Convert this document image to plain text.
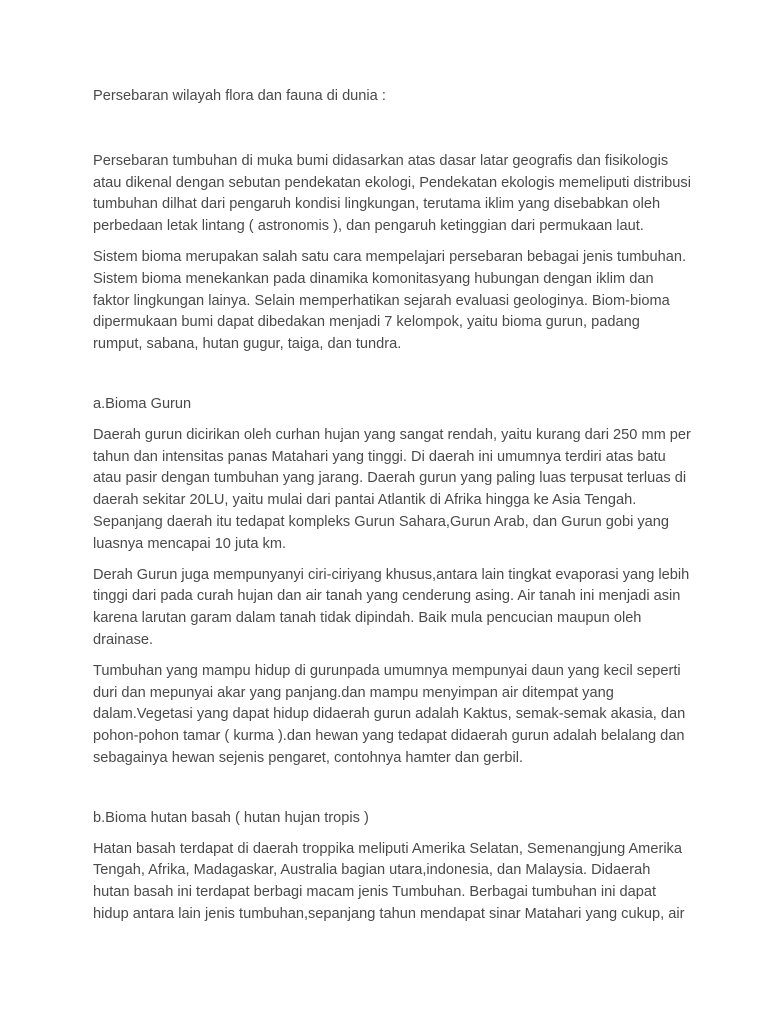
Persebaran wilayah flora dan fauna di dunia :

Persebaran tumbuhan di muka bumi didasarkan atas dasar latar geografis dan fisikologis
atau dikenal dengan sebutan pendekatan ekologi, Pendekatan ekologis memeliputi distribusi
tumbuhan dilhat dari pengaruh kondisi lingkungan, terutama iklim yang disebabkan oleh
perbedaan letak lintang ( astronomis ), dan pengaruh ketinggian dari permukaan laut.

Sistem bioma merupakan salah satu cara mempelajari persebaran bebagai jenis tumbuhan.
Sistem bioma menekankan pada dinamika komonitasyang hubungan dengan iklim dan
faktor lingkungan lainya. Selain memperhatikan sejarah evaluasi geologinya. Biom-bioma
dipermukaan bumi dapat dibedakan menjadi 7 kelompok, yaitu bioma gurun, padang
rumput, sabana, hutan gugur, taiga, dan tundra.

a.Bioma Gurun

Daerah gurun dicirikan oleh curhan hujan yang sangat rendah, yaitu kurang dari 250 mm per
tahun dan intensitas panas Matahari yang tinggi. Di daerah ini umumnya terdiri atas batu
atau pasir dengan tumbuhan yang jarang. Daerah gurun yang paling luas terpusat terluas di
daerah sekitar 20LU, yaitu mulai dari pantai Atlantik di Afrika hingga ke Asia Tengah.
Sepanjang daerah itu tedapat kompleks Gurun Sahara,Gurun Arab, dan Gurun gobi yang
luasnya mencapai 10 juta km.

Derah Gurun juga mempunyanyi ciri-ciriyang khusus,antara lain tingkat evaporasi yang lebih
tinggi dari pada curah hujan dan air tanah yang cenderung asing. Air tanah ini menjadi asin
karena larutan garam dalam tanah tidak dipindah. Baik mula pencucian maupun oleh
drainase.

Tumbuhan yang mampu hidup di gurunpada umumnya mempunyai daun yang kecil seperti
duri dan mepunyai akar yang panjang.dan mampu menyimpan air ditempat yang
dalam.Vegetasi yang dapat hidup didaerah gurun adalah Kaktus, semak-semak akasia, dan
pohon-pohon tamar ( kurma ).dan hewan yang tedapat didaerah gurun adalah belalang dan
sebagainya hewan sejenis pengaret, contohnya hamter dan gerbil.

b.Bioma hutan basah ( hutan hujan tropis )

Hatan basah terdapat di daerah troppika meliputi Amerika Selatan, Semenangjung Amerika
Tengah, Afrika, Madagaskar, Australia bagian utara,indonesia, dan Malaysia. Didaerah
hutan basah ini terdapat berbagi macam jenis Tumbuhan. Berbagai tumbuhan ini dapat
hidup antara lain jenis tumbuhan,sepanjang tahun mendapat sinar Matahari yang cukup, air
